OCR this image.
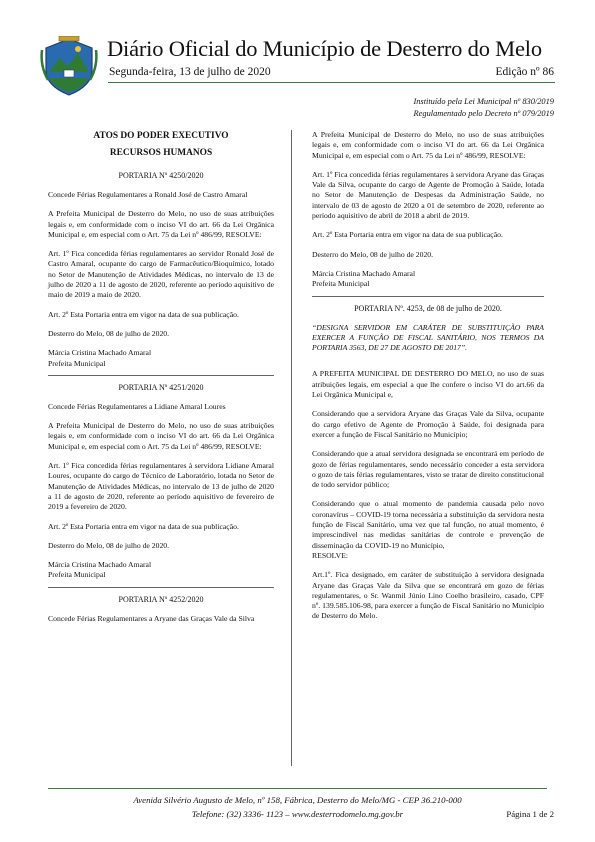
Diário Oficial do Município de Desterro do Melo
Segunda-feira, 13 de julho de 2020	Edição nº 86
Instituído pela Lei Municipal nº 830/2019
Regulamentado pelo Decreto nº 079/2019

ATOS DO PODER EXECUTIVO

RECURSOS HUMANOS

PORTARIA Nº 4250/2020

Concede Férias Regulamentares a Ronald José de Castro Amaral

A Prefeita Municipal de Desterro do Melo, no uso de suas atribuições legais e, em conformidade com o inciso VI do art. 66 da Lei Orgânica Municipal e, em especial com o Art. 75 da Lei nº 486/99, RESOLVE:

Art. 1º Fica concedida férias regulamentares ao servidor Ronald José de Castro Amaral, ocupante do cargo de Farmacêutico/Bioquímico, lotado no Setor de Manutenção de Atividades Médicas, no intervalo de 13 de julho de 2020 a 11 de agosto de 2020, referente ao período aquisitivo de maio de 2019 a maio de 2020.

Art. 2º Esta Portaria entra em vigor na data de sua publicação.

Desterro do Melo, 08 de julho de 2020.

Márcia Cristina Machado Amaral

Prefeita Municipal

PORTARIA Nº 4251/2020

Concede Férias Regulamentares a Lidiane Amaral Loures

A Prefeita Municipal de Desterro do Melo, no uso de suas atribuições legais e, em conformidade com o inciso VI do art. 66 da Lei Orgânica Municipal e, em especial com o Art. 75 da Lei nº 486/99, RESOLVE:

Art. 1º Fica concedida férias regulamentares à servidora Lidiane Amaral Loures, ocupante do cargo de Técnico de Laboratório, lotada no Setor de Manutenção de Atividades Médicas, no intervalo de 13 de julho de 2020 a 11 de agosto de 2020, referente ao período aquisitivo de fevereiro de 2019 a fevereiro de 2020.

Art. 2º Esta Portaria entra em vigor na data de sua publicação.

Desterro do Melo, 08 de julho de 2020.

Márcia Cristina Machado Amaral

Prefeita Municipal

PORTARIA Nº 4252/2020

Concede Férias Regulamentares a Aryane das Graças Vale da Silva

A Prefeita Municipal de Desterro do Melo, no uso de suas atribuições legais e, em conformidade com o inciso VI do art. 66 da Lei Orgânica Municipal e, em especial com o Art. 75 da Lei nº 486/99, RESOLVE:

Art. 1º Fica concedida férias regulamentares à servidora Aryane das Graças Vale da Silva, ocupante do cargo de Agente de Promoção à Saúde, lotada no Setor de Manutenção de Despesas da Administração Saúde, no intervalo de 03 de agosto de 2020 a 01 de setembro de 2020, referente ao período aquisitivo de abril de 2018 a abril de 2019.

Art. 2º Esta Portaria entra em vigor na data de sua publicação.

Desterro do Melo, 08 de julho de 2020.

Márcia Cristina Machado Amaral

Prefeita Municipal

PORTARIA Nº. 4253, de 08 de julho de 2020.

“DESIGNA SERVIDOR EM CARÁTER DE SUBSTITUIÇÃO PARA EXERCER A FUNÇÃO DE FISCAL SANITÁRIO, NOS TERMOS DA PORTARIA 3563, DE 27 DE AGOSTO DE 2017”.

A PREFEITA MUNICIPAL DE DESTERRO DO MELO, no uso de suas atribuições legais, em especial a que lhe confere o inciso VI do art.66 da Lei Orgânica Municipal e,

Considerando que a servidora Aryane das Graças Vale da Silva, ocupante do cargo efetivo de Agente de Promoção à Saúde, foi designada para exercer a função de Fiscal Sanitário no Município;

Considerando que a atual servidora designada se encontrará em período de gozo de férias regulamentares, sendo necessário conceder a esta servidora o gozo de tais férias regulamentares, visto se tratar de direito constitucional de todo servidor público;

Considerando que o atual momento de pandemia causada pelo novo coronavírus – COVID-19 torna necessária a substituição da servidora nesta função de Fiscal Sanitário, uma vez que tal função, no atual momento, é imprescindível nas medidas sanitárias de controle e prevenção de disseminação da COVID-19 no Município,

RESOLVE:

Art.1º. Fica designado, em caráter de substituição à servidora designada Aryane das Graças Vale da Silva que se encontrará em gozo de férias regulamentares, o Sr. Wanmil Júnio Lino Coelho brasileiro, casado, CPF nº. 139.585.106-98, para exercer a função de Fiscal Sanitário no Município de Desterro do Melo.

Avenida Silvério Augusto de Melo, nº 158, Fábrica, Desterro do Melo/MG - CEP 36.210-000
Telefone: (32) 3336- 1123 – www.desterrodomelo.mg.gov.br	Página 1 de 2
